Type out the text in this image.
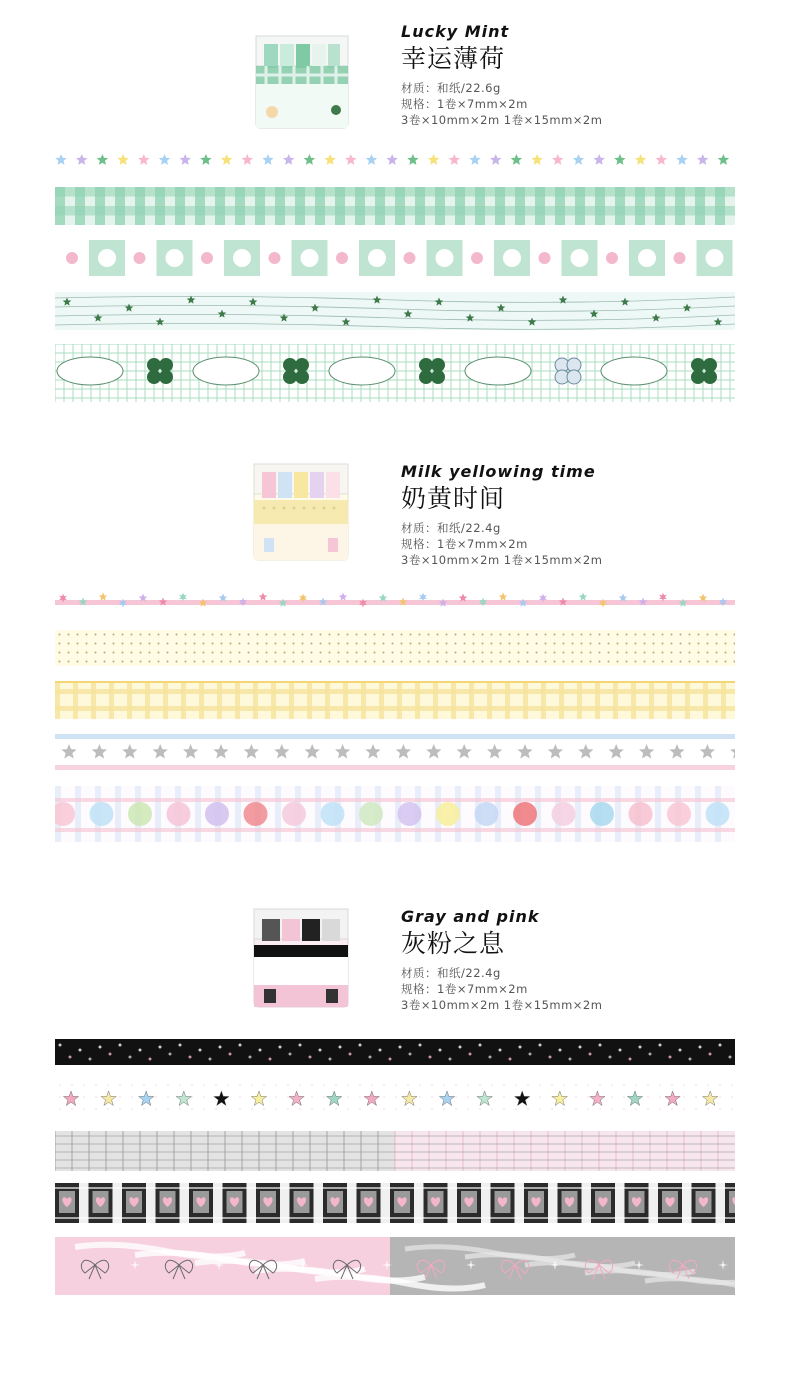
Lucky Mint

幸运薄荷

材质：和纸/22.6g

规格：1卷×7mm×2m

3卷×10mm×2m 1卷×15mm×2m

Milk yellowing time

奶黄时间

材质：和纸/22.4g

规格：1卷×7mm×2m

3卷×10mm×2m 1卷×15mm×2m

Gray and pink

灰粉之息

材质：和纸/22.4g

规格：1卷×7mm×2m

3卷×10mm×2m 1卷×15mm×2m
